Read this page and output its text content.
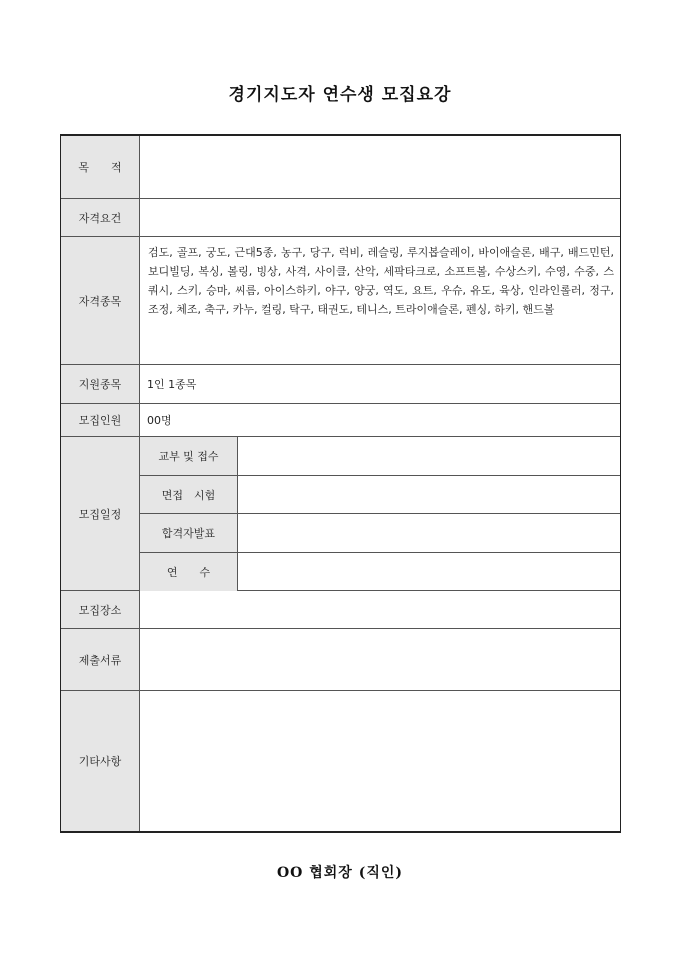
경기지도자 연수생 모집요강
목　　적
자격요건
자격종목
검도, 골프, 궁도, 근대5종, 농구, 당구, 럭비, 레슬링, 루지봅슬레이, 바이애슬론, 배구, 배드민턴, 보디빌딩, 복싱, 볼링, 빙상, 사격, 사이클, 산악, 세팍타크로, 소프트볼, 수상스키, 수영, 수중, 스쿼시, 스키, 승마, 씨름, 아이스하키, 야구, 양궁, 역도, 요트, 우슈, 유도, 육상, 인라인롤러, 정구, 조정, 체조, 축구, 카누, 컬링, 탁구, 태권도, 테니스, 트라이애슬론, 펜싱, 하키, 핸드볼
지원종목	1인 1종목
모집인원	00명
모집일정
교부 및 접수
면접　시험
합격자발표
연　　수
모집장소
제출서류
기타사항

OO 협회장 (직인)
